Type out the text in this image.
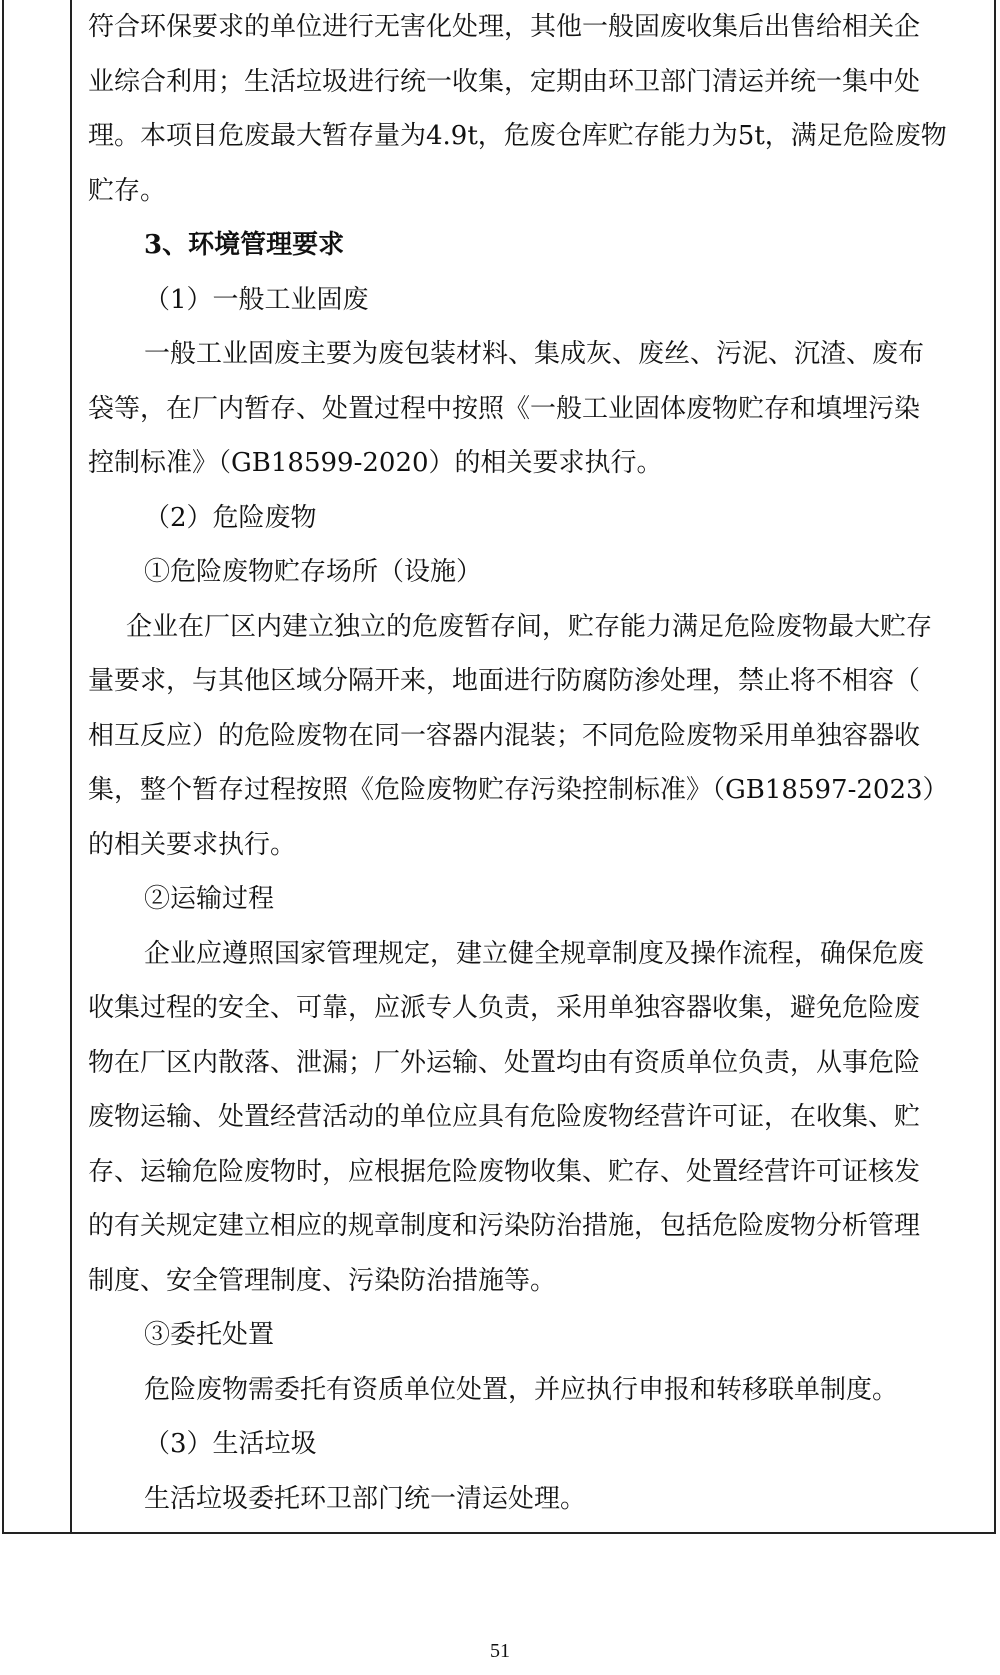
符合环保要求的单位进行无害化处理，其他一般固废收集后出售给相关企

业综合利用；生活垃圾进行统一收集，定期由环卫部门清运并统一集中处

理。本项目危废最大暂存量为4.9t，危废仓库贮存能力为5t，满足危险废物

贮存。

3、环境管理要求

（1）一般工业固废

一般工业固废主要为废包装材料、集成灰、废丝、污泥、沉渣、废布

袋等，在厂内暂存、处置过程中按照《一般工业固体废物贮存和填埋污染

控制标准》（GB18599-2020）的相关要求执行。

（2）危险废物

①危险废物贮存场所（设施）

企业在厂区内建立独立的危废暂存间，贮存能力满足危险废物最大贮存

量要求，与其他区域分隔开来，地面进行防腐防渗处理，禁止将不相容（

相互反应）的危险废物在同一容器内混装；不同危险废物采用单独容器收

集，整个暂存过程按照《危险废物贮存污染控制标准》（GB18597-2023）

的相关要求执行。

②运输过程

企业应遵照国家管理规定，建立健全规章制度及操作流程，确保危废

收集过程的安全、可靠，应派专人负责，采用单独容器收集，避免危险废

物在厂区内散落、泄漏；厂外运输、处置均由有资质单位负责，从事危险

废物运输、处置经营活动的单位应具有危险废物经营许可证，在收集、贮

存、运输危险废物时，应根据危险废物收集、贮存、处置经营许可证核发

的有关规定建立相应的规章制度和污染防治措施，包括危险废物分析管理

制度、安全管理制度、污染防治措施等。

③委托处置

危险废物需委托有资质单位处置，并应执行申报和转移联单制度。

（3）生活垃圾

生活垃圾委托环卫部门统一清运处理。

51
